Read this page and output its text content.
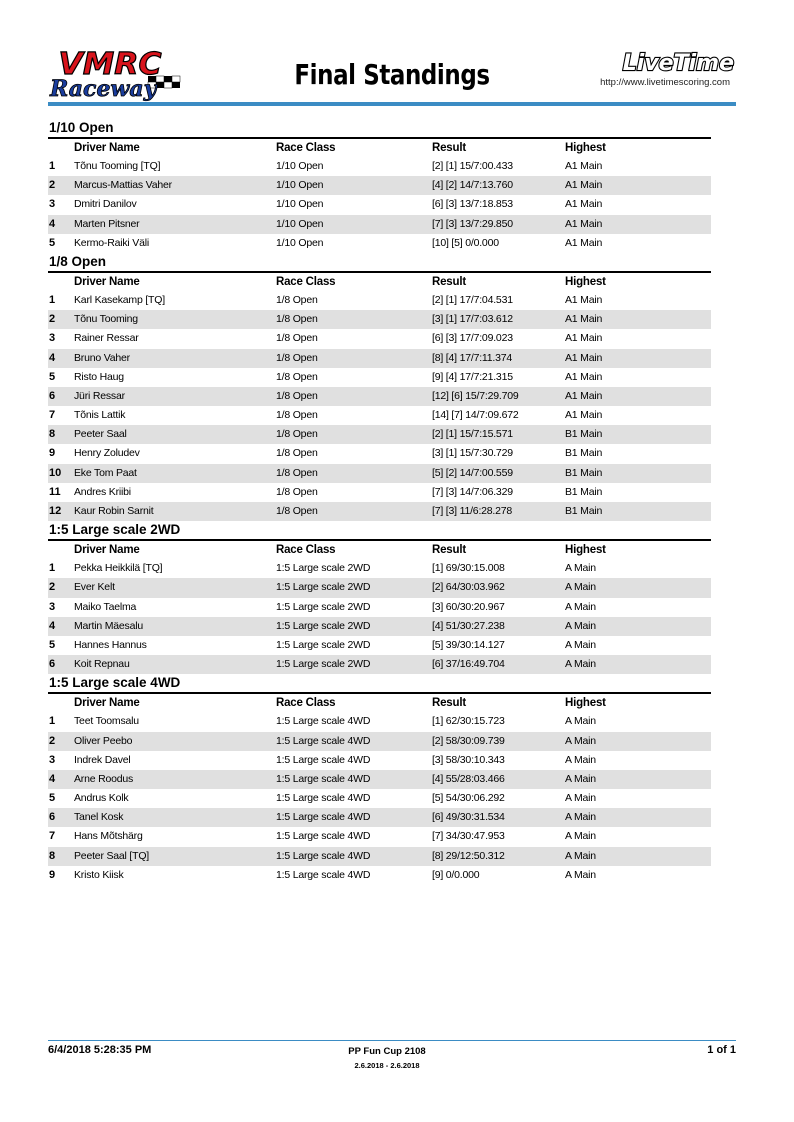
VMRC
Raceway	Final Standings	LiveTime
http://www.livetimescoring.com
1/10 Open
Driver Name	Race Class	Result	Highest
1 Tõnu Tooming [TQ]	1/10 Open	[2] [1] 15/7:00.433	A1 Main
2 Marcus-Mattias Vaher	1/10 Open	[4] [2] 14/7:13.760	A1 Main
3 Dmitri Danilov	1/10 Open	[6] [3] 13/7:18.853	A1 Main
4 Marten Pitsner	1/10 Open	[7] [3] 13/7:29.850	A1 Main
5 Kermo-Raiki Väli	1/10 Open	[10] [5] 0/0.000	A1 Main
1/8 Open
Driver Name	Race Class	Result	Highest
1 Karl Kasekamp [TQ]	1/8 Open	[2] [1] 17/7:04.531	A1 Main
2 Tõnu Tooming	1/8 Open	[3] [1] 17/7:03.612	A1 Main
3 Rainer Ressar	1/8 Open	[6] [3] 17/7:09.023	A1 Main
4 Bruno Vaher	1/8 Open	[8] [4] 17/7:11.374	A1 Main
5 Risto Haug	1/8 Open	[9] [4] 17/7:21.315	A1 Main
6 Jüri Ressar	1/8 Open	[12] [6] 15/7:29.709	A1 Main
7 Tõnis Lattik	1/8 Open	[14] [7] 14/7:09.672	A1 Main
8 Peeter Saal	1/8 Open	[2] [1] 15/7:15.571	B1 Main
9 Henry Zoludev	1/8 Open	[3] [1] 15/7:30.729	B1 Main
10 Eke Tom Paat	1/8 Open	[5] [2] 14/7:00.559	B1 Main
11 Andres Kriibi	1/8 Open	[7] [3] 14/7:06.329	B1 Main
12 Kaur Robin Sarnit	1/8 Open	[7] [3] 11/6:28.278	B1 Main
1:5 Large scale 2WD
Driver Name	Race Class	Result	Highest
1 Pekka Heikkilä [TQ]	1:5 Large scale 2WD	[1] 69/30:15.008	A Main
2 Ever Kelt	1:5 Large scale 2WD	[2] 64/30:03.962	A Main
3 Maiko Taelma	1:5 Large scale 2WD	[3] 60/30:20.967	A Main
4 Martin Mäesalu	1:5 Large scale 2WD	[4] 51/30:27.238	A Main
5 Hannes Hannus	1:5 Large scale 2WD	[5] 39/30:14.127	A Main
6 Koit Repnau	1:5 Large scale 2WD	[6] 37/16:49.704	A Main
1:5 Large scale 4WD
Driver Name	Race Class	Result	Highest
1 Teet Toomsalu	1:5 Large scale 4WD	[1] 62/30:15.723	A Main
2 Oliver Peebo	1:5 Large scale 4WD	[2] 58/30:09.739	A Main
3 Indrek Davel	1:5 Large scale 4WD	[3] 58/30:10.343	A Main
4 Arne Roodus	1:5 Large scale 4WD	[4] 55/28:03.466	A Main
5 Andrus Kolk	1:5 Large scale 4WD	[5] 54/30:06.292	A Main
6 Tanel Kosk	1:5 Large scale 4WD	[6] 49/30:31.534	A Main
7 Hans Mõtshärg	1:5 Large scale 4WD	[7] 34/30:47.953	A Main
8 Peeter Saal [TQ]	1:5 Large scale 4WD	[8] 29/12:50.312	A Main
9 Kristo Kiisk	1:5 Large scale 4WD	[9] 0/0.000	A Main
6/4/2018 5:28:35 PM	PP Fun Cup 2108
2.6.2018 - 2.6.2018
1 of 1
